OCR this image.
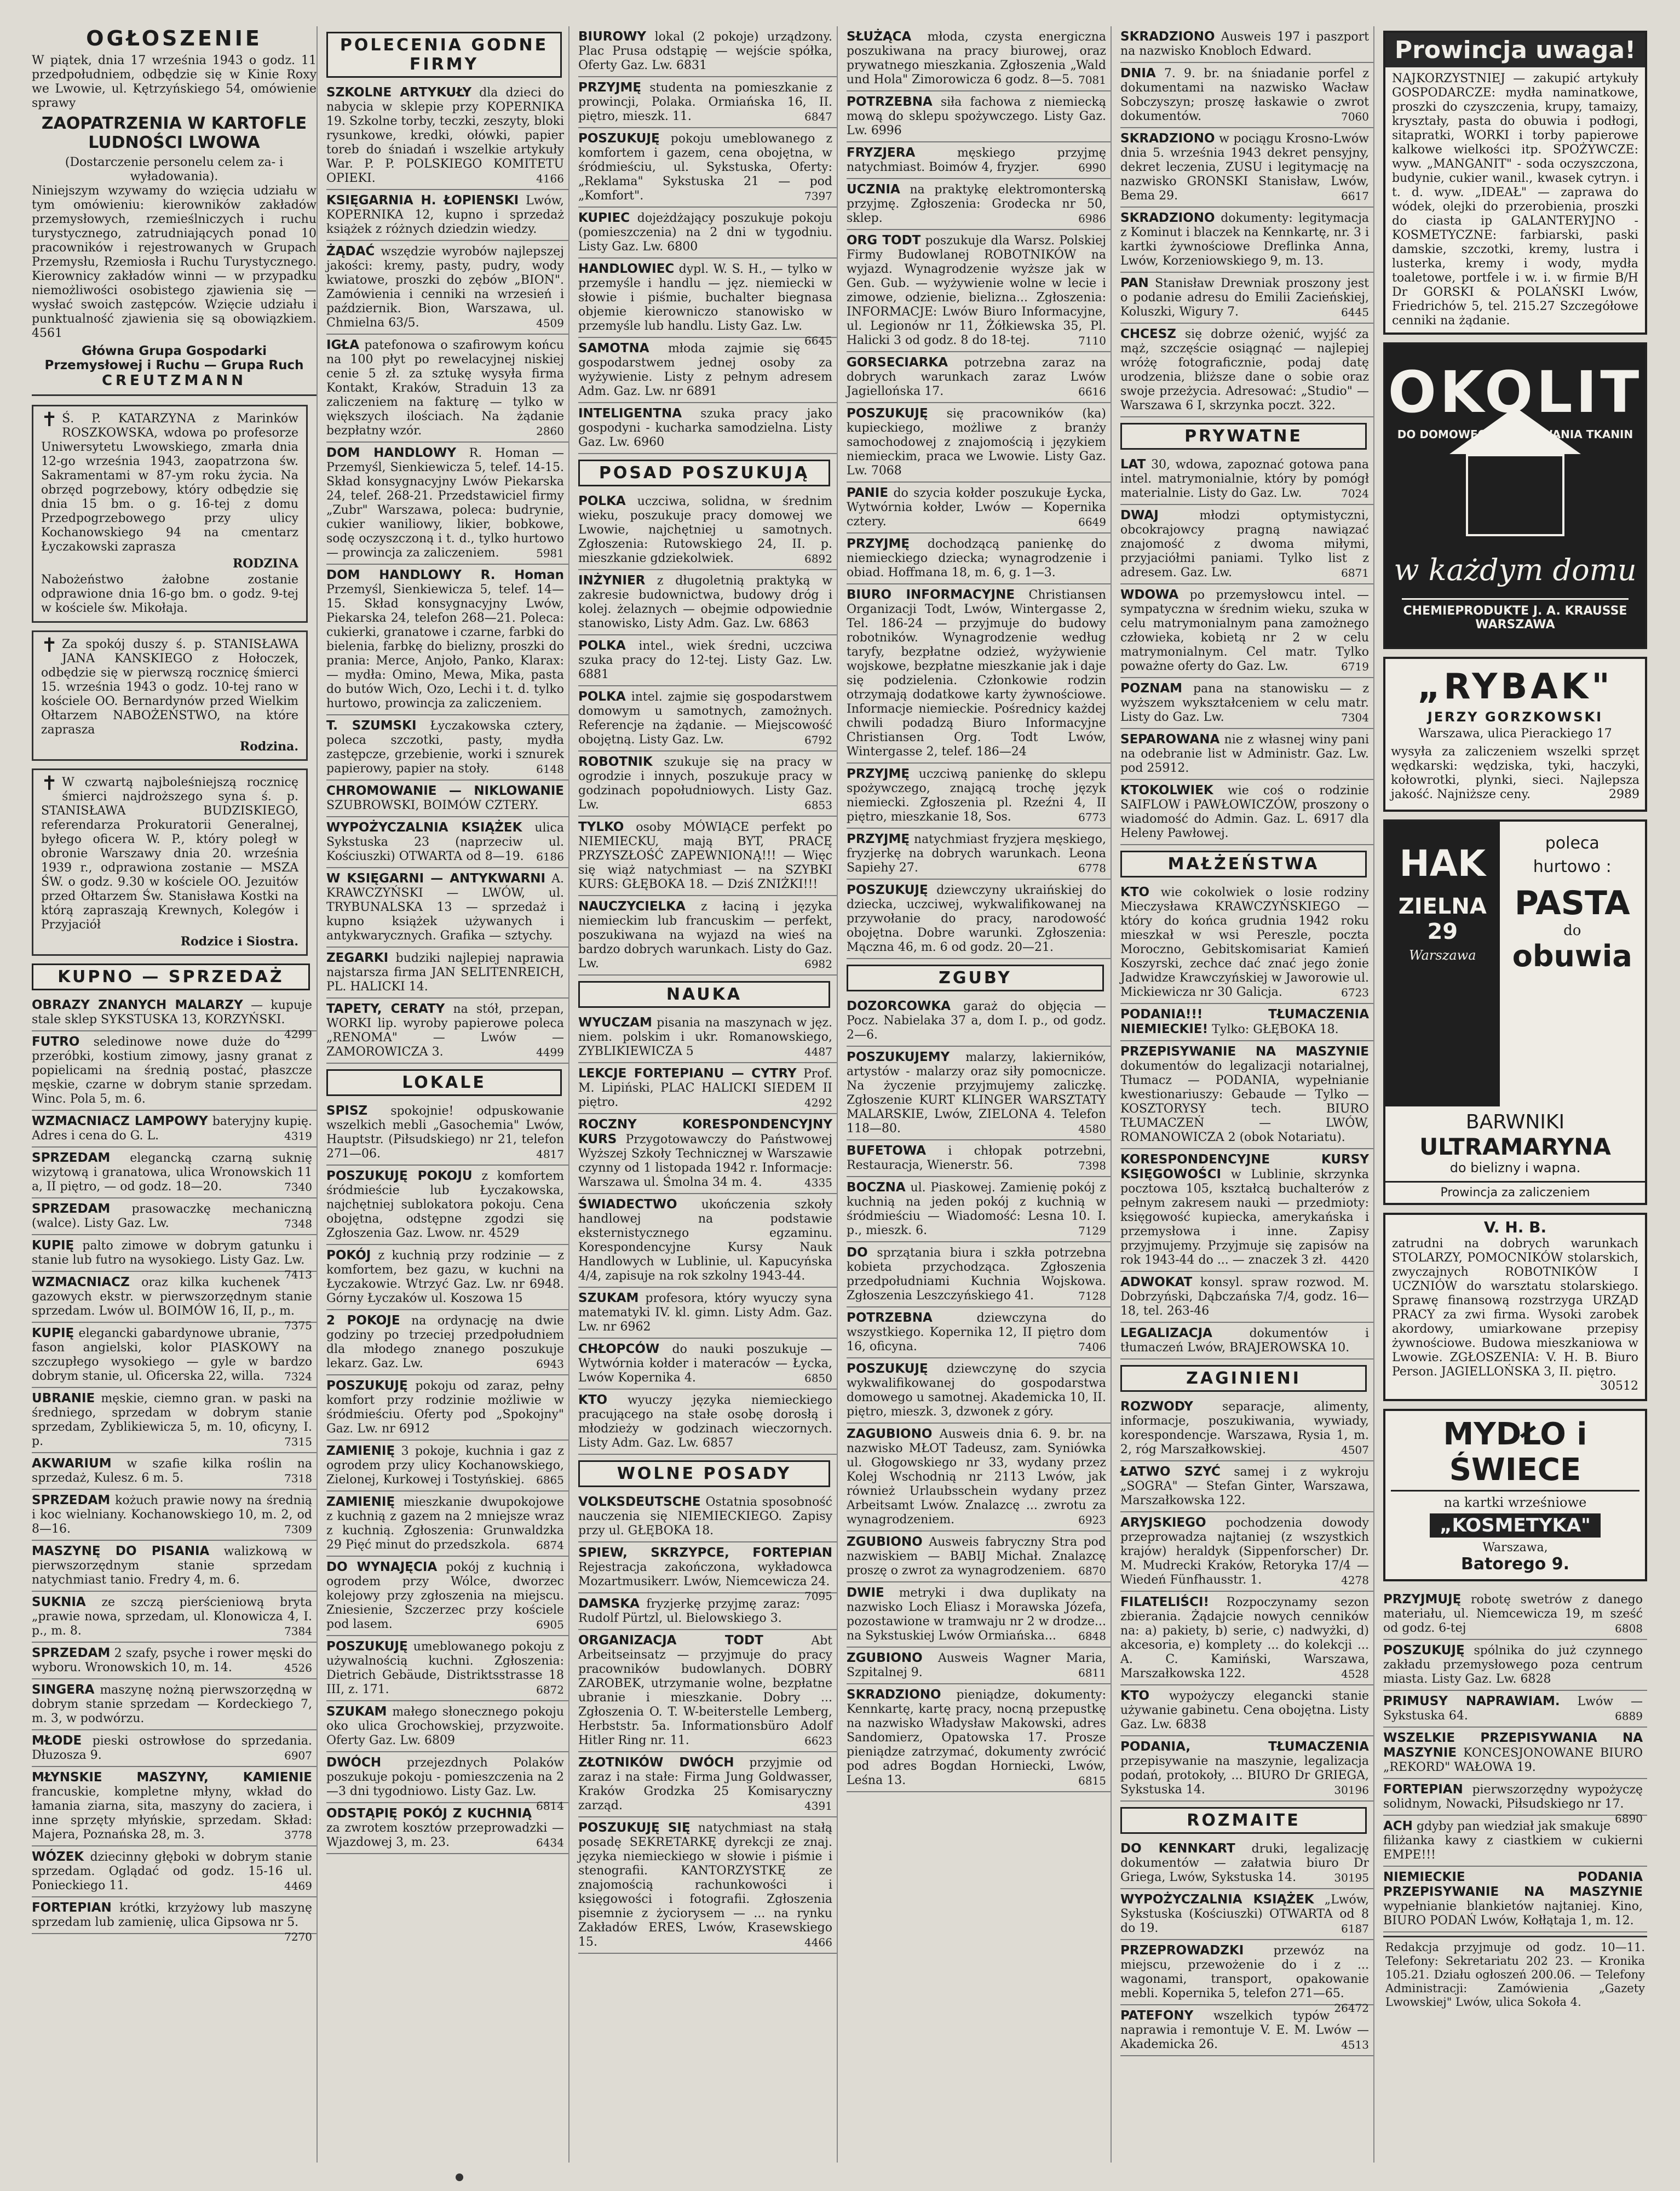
OGŁOSZENIE
W piątek, dnia 17 września 1943 o godz. 11 przedpołudniem, odbędzie się w Kinie Roxy we Lwowie, ul. Kętrzyńskiego 54, omówienie sprawy
ZAOPATRZENIA W KARTOFLE LUDNOŚCI LWOWA
(Dostarczenie personelu celem za- i wyładowania).
Niniejszym wzywamy do wzięcia udziału w tym omówieniu: kierowników zakładów przemysłowych, rzemieślniczych i ruchu turystycznego, zatrudniających ponad 10 pracowników i rejestrowanych w Grupach Przemysłu, Rzemiosła i Ruchu Turystycznego. Kierownicy zakładów winni — w przypadku niemożliwości osobistego zjawienia się — wysłać swoich zastępców. Wzięcie udziału i punktualność zjawienia się są obowiązkiem. 4561
Główna Grupa Gospodarki Przemysłowej i Ruchu — Grupa Ruch
CREUTZMANN
✝ Ś. P. KATARZYNA z Marinków ROSZKOWSKA, wdowa po profesorze Uniwersytetu Lwowskiego, zmarła dnia 12-go września 1943, zaopatrzona św. Sakramentami w 87-ym roku życia. Na obrzęd pogrzebowy, który odbędzie się dnia 15 bm. o g. 16-tej z domu Przedpogrzebowego przy ulicy Kochanowskiego 94 na cmentarz Łyczakowski zaprasza
RODZINA
Nabożeństwo żałobne zostanie odprawione dnia 16-go bm. o godz. 9-tej w kościele św. Mikołaja.
✝ Za spokój duszy ś. p. STANISŁAWA JANA KANSKIEGO z Hołoczek, odbędzie się w pierwszą rocznicę śmierci 15. września 1943 o godz. 10-tej rano w kościele OO. Bernardynów przed Wielkim Ołtarzem NABOŻEŃSTWO, na które zaprasza
Rodzina.
✝ W czwartą najboleśniejszą rocznicę śmierci najdroższego syna ś. p. STANISŁAWA BUDZISKIEGO, referendarza Prokuratorii Generalnej, byłego oficera W. P., który poległ w obronie Warszawy dnia 20. września 1939 r., odprawiona zostanie — MSZA ŚW. o godz. 9.30 w kościele OO. Jezuitów przed Ołtarzem Św. Stanisława Kostki na którą zapraszają Krewnych, Kolegów i Przyjaciół
Rodzice i Siostra.
KUPNO — SPRZEDAŻ
OBRAZY ZNANYCH MALARZY — kupuje stale sklep SYKSTUSKA 13, KORZYŃSKI.
4299
FUTRO seledinowe nowe duże do przeróbki, kostium zimowy, jasny granat z popielicami na średnią postać, płaszcze męskie, czarne w dobrym stanie sprzedam. Winc. Pola 5, m. 6.
WZMACNIACZ LAMPOWY bateryjny kupię. Adres i cena do G. L.	4319
SPRZEDAM elegancką czarną suknię wizytową i granatowa, ulica Wronowskich 11 a, II piętro, — od godz. 18—20.	7340
SPRZEDAM prasowaczkę mechaniczną (walce). Listy Gaz. Lw.	7348
KUPIĘ palto zimowe w dobrym gatunku i stanie lub futro na wysokiego. Listy Gaz. Lw.
7413
WZMACNIACZ oraz kilka kuchenek gazowych ekstr. w pierwszorzędnym stanie sprzedam. Lwów ul. BOIMÓW 16, II, p., m.
7375
KUPIĘ elegancki gabardynowe ubranie, fason angielski, kolor PIASKOWY na szczupłego wysokiego — gyle w bardzo dobrym stanie, ul. Oficerska 22, willa. 7324
UBRANIE męskie, ciemno gran. w paski na średniego, sprzedam w dobrym stanie sprzedam, Zyblikiewicza 5, m. 10, oficyny, I. p.	7315
AKWARIUM w szafie kilka roślin na sprzedaż, Kulesz. 6 m. 5.	7318
SPRZEDAM kożuch prawie nowy na średnią i koc wielniany. Kochanowskiego 10, m. 2, od 8—16.	7309
MASZYNĘ DO PISANIA walizkową w pierwszorzędnym stanie sprzedam natychmiast tanio. Fredry 4, m. 6.
SUKNIA ze szczą pierścieniową bryta „prawie nowa, sprzedam, ul. Klonowicza 4, I. p., m. 8.	7384
SPRZEDAM 2 szafy, psyche i rower męski do wyboru. Wronowskich 10, m. 14.	4526
SINGERA maszynę nożną pierwszorzędną w dobrym stanie sprzedam — Kordeckiego 7, m. 3, w podwórzu.
MŁODE pieski ostrowłose do sprzedania. Dłuzosza 9.	6907
MŁYNSKIE MASZYNY, KAMIENIE francuskie, kompletne młyny, wkład do łamania ziarna, sita, maszyny do zaciera, i inne sprzęty młyńskie, sprzedam. Skład: Majera, Poznańska 28, m. 3.	3778
WÓZEK dziecinny głęboki w dobrym stanie sprzedam. Oglądać od godz. 15-16 ul. Ponieckiego 11.	4469
FORTEPIAN krótki, krzyżowy lub maszynę sprzedam lub zamienię, ulica Gipsowa nr 5.
7270
POLECENIA GODNE FIRMY
SZKOLNE ARTYKUŁY dla dzieci do nabycia w sklepie przy KOPERNIKA 19. Szkolne torby, teczki, zeszyty, bloki rysunkowe, kredki, ołówki, papier toreb do śniadań i wszelkie artykuły War. P. P. POLSKIEGO KOMITETU OPIEKI.	4166
KSIĘGARNIA H. ŁOPIENSKI Lwów, KOPERNIKA 12, kupno i sprzedaż książek z różnych dziedzin wiedzy.
ŻĄDAĆ wszędzie wyrobów najlepszej jakości: kremy, pasty, pudry, wody kwiatowe, proszki do zębów „BION". Zamówienia i cenniki na wrzesień i październik. Bion, Warszawa, ul. Chmielna 63/5.	4509
IGŁA patefonowa o szafirowym końcu na 100 płyt po rewelacyjnej niskiej cenie 5 zł. za sztukę wysyła firma Kontakt, Kraków, Straduin 13 za zaliczeniem na fakturę — tylko w większych ilościach. Na żądanie bezpłatny wzór.	2860
DOM HANDLOWY R. Homan — Przemyśl, Sienkiewicza 5, telef. 14-15. Skład konsygnacyjny Lwów Piekarska 24, telef. 268-21. Przedstawiciel firmy „Zubr" Warszawa, poleca: budrynie, cukier waniliowy, likier, bobkowe, sodę oczyszczoną i t. d., tylko hurtowo — prowincja za zaliczeniem.	5981
DOM HANDLOWY R. Homan Przemyśl, Sienkiewicza 5, telef. 14—15. Skład konsygnacyjny Lwów, Piekarska 24, telefon 268—21. Poleca: cukierki, granatowe i czarne, farbki do bielenia, farbkę do bielizny, proszki do prania: Merce, Anjoło, Panko, Klarax: — mydła: Omino, Mewa, Mika, pasta do butów Wich, Ozo, Lechi i t. d. tylko hurtowo, prowincja za zaliczeniem.
T. SZUMSKI Łyczakowska cztery, poleca szczotki, pasty, mydła zastępcze, grzebienie, worki i sznurek papierowy, papier na stoły.	6148
CHROMOWANIE — NIKLOWANIE SZUBROWSKI, BOIMÓW CZTERY.
WYPOŻYCZALNIA KSIĄŻEK ulica Sykstuska 23 (naprzeciw ul. Kościuszki) OTWARTA od 8—19. 6186
W KSIĘGARNI — ANTYKWARNI A. KRAWCZYŃSKI — LWÓW, ul. TRYBUNALSKA 13 — sprzedaż i kupno książek używanych i antykwarycznych. Grafika — sztychy.
ZEGARKI budziki najlepiej naprawia najstarsza firma JAN SELITENREICH, PL. HALICKI 14.
TAPETY, CERATY na stół, przepan, WORKI lip. wyroby papierowe poleca „RENOMA" — Lwów — ZAMOROWICZA 3.	4499
LOKALE
SPISZ spokojnie! odpuskowanie wszelkich mebli „Gasochemia" Lwów, Hauptstr. (Piłsudskiego) nr 21, telefon 271—06.	4817
POSZUKUJĘ POKOJU z komfortem śródmieście lub Łyczakowska, najchętniej sublokatora pokoju. Cena obojętna, odstępne zgodzi się Zgłoszenia Gaz. Lwow. nr. 4529
POKÓJ z kuchnią przy rodzinie — z komfortem, bez gazu, w kuchni na Łyczakowie. Wtrzyć Gaz. Lw. nr 6948. Górny Łyczaków ul. Koszowa 15
2 POKOJE na ordynację na dwie godziny po trzeciej przedpołudniem dla młodego znanego poszukuje lekarz. Gaz. Lw.	6943
POSZUKUJĘ pokoju od zaraz, pełny komfort przy rodzinie możliwie w śródmieściu. Oferty pod „Spokojny" Gaz. Lw. nr 6912
ZAMIENIĘ 3 pokoje, kuchnia i gaz z ogrodem przy ulicy Kochanowskiego, Zielonej, Kurkowej i Tostyńskiej. 6865
ZAMIENIĘ mieszkanie dwupokojowe z kuchnią z gazem na 2 mniejsze wraz z kuchnią. Zgłoszenia: Grunwaldzka 29 Pięć minut do przedszkola. 6874
DO WYNAJĘCIA pokój z kuchnią i ogrodem przy Wólce, dworzec kolejowy przy zgłoszenia na miejscu. Zniesienie, Szczerzec przy kościele pod lasem.	6905
POSZUKUJĘ umeblowanego pokoju z używalnością kuchni. Zgłoszenia: Dietrich Gebäude, Distriktsstrasse 18 III, z. 171.	6872
SZUKAM małego słonecznego pokoju oko ulica Grochowskiej, przyzwoite. Oferty Gaz. Lw. 6809
DWÓCH przejezdnych Polaków poszukuje pokoju - pomieszczenia na 2—3 dni tygodniowo. Listy Gaz. Lw.
6814
ODSTĄPIĘ POKÓJ Z KUCHNIĄ za zwrotem kosztów przeprowadzki — Wjazdowej 3, m. 23.	6434
BIUROWY lokal (2 pokoje) urządzony. Plac Prusa odstąpię — wejście spółka, Oferty Gaz. Lw. 6831
PRZYJMĘ studenta na pomieszkanie z prowincji, Polaka. Ormiańska 16, II. piętro, mieszk. 11.	6847
POSZUKUJĘ pokoju umeblowanego z komfortem i gazem, cena obojętna, w śródmieściu, ul. Sykstuska, Oferty: „Reklama" Sykstuska 21 — pod „Komfort".	7397
KUPIEC dojeżdżający poszukuje pokoju (pomieszczenia) na 2 dni w tygodniu. Listy Gaz. Lw. 6800
HANDLOWIEC dypl. W. S. H., — tylko w przemyśle i handlu — jęz. niemiecki w słowie i piśmie, buchalter biegnasa objemie kierowniczo stanowisko w przemyśle lub handlu. Listy Gaz. Lw.
6645
SAMOTNA młoda zajmie się gospodarstwem jednej osoby za wyżywienie. Listy z pełnym adresem Adm. Gaz. Lw. nr 6891
INTELIGENTNA szuka pracy jako gospodyni - kucharka samodzielna. Listy Gaz. Lw. 6960
POSAD POSZUKUJĄ
POLKA uczciwa, solidna, w średnim wieku, poszukuje pracy domowej we Lwowie, najchętniej u samotnych. Zgłoszenia: Rutowskiego 24, II. p. mieszkanie gdziekolwiek.	6892
INŻYNIER z długoletnią praktyką w zakresie budownictwa, budowy dróg i kolej. żelaznych — obejmie odpowiednie stanowisko, Listy Adm. Gaz. Lw. 6863
POLKA intel., wiek średni, uczciwa szuka pracy do 12-tej. Listy Gaz. Lw. 6881
POLKA intel. zajmie się gospodarstwem domowym u samotnych, zamożnych. Referencje na żądanie. — Miejscowość obojętną. Listy Gaz. Lw.	6792
ROBOTNIK szukuje się na pracy w ogrodzie i innych, poszukuje pracy w godzinach popołudniowych. Listy Gaz. Lw.	6853
TYLKO osoby MÓWIĄCE perfekt po NIEMIECKU, mają BYT, PRACĘ PRZYSZŁOŚĆ ZAPEWNIONĄ!!! — Więc się wiąż natychmiast — na SZYBKI KURS: GŁĘBOKA 18. — Dziś ZNIŻKI!!!
NAUCZYCIELKA z łaciną i języka niemieckim lub francuskim — perfekt, poszukiwana na wyjazd na wieś na bardzo dobrych warunkach. Listy do Gaz. Lw.	6982
NAUKA
WYUCZAM pisania na maszynach w jęz. niem. polskim i ukr. Romanowskiego, ZYBLIKIEWICZA 5	4487
LEKCJE FORTEPIANU — CYTRY Prof. M. Lipiński, PLAC HALICKI SIEDEM II piętro.	4292
ROCZNY KORESPONDENCYJNY KURS Przygotowawczy do Państwowej Wyższej Szkoły Technicznej w Warszawie czynny od 1 listopada 1942 r. Informacje: Warszawa ul. Śmolna 34 m. 4.	4335
ŚWIADECTWO ukończenia szkoły handlowej na podstawie eksternistycznego egzaminu. Korespondencyjne Kursy Nauk Handlowych w Lublinie, ul. Kapucyńska 4/4, zapisuje na rok szkolny 1943-44.
SZUKAM profesora, który wyuczy syna matematyki IV. kl. gimn. Listy Adm. Gaz. Lw. nr 6962
CHŁOPCÓW do nauki poszukuje — Wytwórnia kołder i materaców — Łycka, Lwów Kopernika 4.	6850
KTO wyuczy języka niemieckiego pracującego na stałe osobę dorosłą i młodzieży w godzinach wieczornych. Listy Adm. Gaz. Lw. 6857
WOLNE POSADY
VOLKSDEUTSCHE Ostatnia sposobność nauczenia się NIEMIECKIEGO. Zapisy przy ul. GŁĘBOKA 18.
SPIEW, SKRZYPCE, FORTEPIAN Rejestracja zakończona, wykładowca Mozartmusikerr. Lwów, Niemcewicza 24.
7095
DAMSKA fryzjerkę przyjmę zaraz: Rudolf Pürtzl, ul. Bielowskiego 3.
ORGANIZACJA TODT	Abt Arbeitseinsatz — przyjmuje do pracy pracowników budowlanych. DOBRY ZAROBEK, utrzymanie wolne, bezpłatne ubranie i mieszkanie. Dobry ... Zgłoszenia O. T. W-beiterstelle Lemberg, Herbststr. 5a. Informationsbüro Adolf Hitler Ring nr. 11.	6623
ZŁOTNIKÓW DWÓCH przyjmie od zaraz i na stałe: Firma Jung Goldwasser, Kraków Grodzka 25 Komisaryczny zarząd.	4391
POSZUKUJĘ SIĘ natychmiast na stałą posadę SEKRETARKĘ dyrekcji ze znaj. języka niemieckiego w słowie i piśmie i stenografii. KANTORZYSTKĘ ze znajomością rachunkowości i księgowości i fotografii. Zgłoszenia pisemnie z życiorysem — ... na rynku Zakładów ERES, Lwów, Krasewskiego 15.	4466
SŁUŻĄCA młoda, czysta energiczna poszukiwana na pracy biurowej, oraz prywatnego mieszkania. Zgłoszenia „Wald und Hola" Zimorowicza 6 godz. 8—5. 7081
POTRZEBNA siła fachowa z niemiecką mową do sklepu spożywczego. Listy Gaz. Lw. 6996
FRYZJERA	męskiego przyjmę natychmiast. Boimów 4, fryzjer.	6990
UCZNIA na praktykę elektromonterską przyjmę. Zgłoszenia: Grodecka nr 50, sklep.	6986
ORG TODT poszukuje dla Warsz. Polskiej Firmy Budowlanej ROBOTNIKÓW na wyjazd. Wynagrodzenie wyższe jak w Gen. Gub. — wyżywienie wolne w lecie i zimowe, odzienie, bielizna... Zgłoszenia: INFORMACJE: Lwów Biuro Informacyjne, ul. Legionów nr 11, Żółkiewska 35, Pl. Halicki 3 od godz. 8 do 18-tej.	7110
GORSECIARKA potrzebna zaraz na dobrych warunkach zaraz Lwów Jagiellońska 17.	6616
POSZUKUJĘ się pracowników (ka) kupieckiego, możliwe z branży samochodowej z znajomością i językiem niemieckim, praca we Lwowie. Listy Gaz. Lw. 7068
PANIE do szycia kołder poszukuje Łycka, Wytwórnia kołder, Lwów — Kopernika cztery.	6649
PRZYJMĘ dochodzącą panienkę do niemieckiego dziecka; wynagrodzenie i obiad. Hoffmana 18, m. 6, g. 1—3.
BIURO INFORMACYJNE Christiansen Organizacji Todt, Lwów, Wintergasse 2, Tel. 186-24 — przyjmuje do budowy robotników. Wynagrodzenie według taryfy, bezpłatne odzież, wyżywienie wojskowe, bezpłatne mieszkanie jak i daje się podzielenia. Członkowie rodzin otrzymają dodatkowe karty żywnościowe. Informacje niemieckie. Pośrednicy każdej chwili podadzą Biuro Informacyjne Christiansen Org. Todt Lwów, Wintergasse 2, telef. 186—24
PRZYJMĘ uczciwą panienkę do sklepu spożywczego, znającą trochę język niemiecki. Zgłoszenia pl. Rzeźni 4, II piętro, mieszkanie 18, Sos.	6773
PRZYJMĘ natychmiast fryzjera męskiego, fryzjerkę na dobrych warunkach. Leona Sapiehy 27.	6778
POSZUKUJĘ dziewczyny ukraińskiej do dziecka, uczciwej, wykwalifikowanej na przywołanie do pracy, narodowość obojętna. Dobre warunki. Zgłoszenia: Mączna 46, m. 6 od godz. 20—21.
ZGUBY
DOZORCOWKA garaż do objęcia — Pocz. Nabielaka 37 a, dom I. p., od godz. 2—6.
POSZUKUJEMY malarzy, lakierników, artystów - malarzy oraz siły pomocnicze. Na życzenie przyjmujemy zaliczkę. Zgłoszenie KURT KLINGER WARSZTATY MALARSKIE, Lwów, ZIELONA 4. Telefon 118—80.	4580
BUFETOWA i chłopak potrzebni, Restauracja, Wienerstr. 56.	7398
BOCZNA ul. Piaskowej. Zamienię pokój z kuchnią na jeden pokój z kuchnią w śródmieściu — Wiadomość: Lesna 10. I. p., mieszk. 6.	7129
DO sprzątania biura i szkła potrzebna kobieta przychodząca. Zgłoszenia przedpołudniami Kuchnia Wojskowa. Zgłoszenia Leszczyńskiego 41.	7128
POTRZEBNA	dziewczyna do wszystkiego. Kopernika 12, II piętro dom 16, oficyna.	7406
POSZUKUJĘ dziewczynę do szycia wykwalifikowanej do gospodarstwa domowego u samotnej. Akademicka 10, II. piętro, mieszk. 3, dzwonek z góry.
ZAGUBIONO Ausweis dnia 6. 9. br. na nazwisko MŁOT Tadeusz, zam. Syniówka ul. Głogowskiego nr 33, wydany przez Kolej Wschodnią nr 2113 Lwów, jak również Urlaubsschein wydany przez Arbeitsamt Lwów. Znalazcę ... zwrotu za wynagrodzeniem.	6923
ZGUBIONO Ausweis fabryczny Stra pod nazwiskiem — BABIJ Michał. Znalazcę proszę o zwrot za wynagrodzeniem. 6870
DWIE metryki i dwa duplikaty na nazwisko Loch Eliasz i Morawska Józefa, pozostawione w tramwaju nr 2 w drodze... na Sykstuskiej Lwów Ormiańska... 6848
ZGUBIONO Ausweis Wagner Maria, Szpitalnej 9.	6811
SKRADZIONO pieniądze, dokumenty: Kennkartę, kartę pracy, nocną przepustkę na nazwisko Władysław Makowski, adres Sandomierz, Opatowska 17. Prosze pieniądze zatrzymać, dokumenty zwrócić pod adres Bogdan Horniecki, Lwów, Leśna 13.	6815
SKRADZIONO Ausweis 197 i paszport na nazwisko Knobloch Edward.
DNIA 7. 9. br. na śniadanie porfel z dokumentami na nazwisko Wacław Sobczyszyn; proszę łaskawie o zwrot dokumentów.	7060
SKRADZIONO w pociągu Krosno-Lwów dnia 5. września 1943 dekret pensyjny, dekret leczenia, ZUSU i legitymację na nazwisko GRONSKI Stanisław, Lwów, Bema 29.	6617
SKRADZIONO dokumenty: legitymacja z Kominut i blaczek na Kennkartę, nr. 3 i kartki żywnościowe Dreflinka Anna, Lwów, Korzeniowskiego 9, m. 13.
PAN Stanisław Drewniak proszony jest o podanie adresu do Emilii Zacieńskiej, Koluszki, Wigury 7.	6445
CHCESZ się dobrze ożenić, wyjść za mąż, szczęście osiągnąć — najlepiej wróżę fotograficznie, podaj datę urodzenia, bliższe dane o sobie oraz swoje przeżycia. Adresować: „Studio" — Warszawa 6 I, skrzynka poczt. 322.
PRYWATNE
LAT 30, wdowa, zapoznać gotowa pana intel. matrymonialnie, który by pomógł materialnie. Listy do Gaz. Lw.	7024
DWAJ	młodzi optymistyczni, obcokrajowcy pragną nawiązać znajomość z dwoma miłymi, przyjaciółmi paniami. Tylko list z adresem. Gaz. Lw.	6871
WDOWA po przemysłowcu intel. — sympatyczna w średnim wieku, szuka w celu matrymonialnym pana zamożnego człowieka, kobietą nr 2 w celu matrymonialnym. Cel matr. Tylko poważne oferty do Gaz. Lw.	6719
POZNAM pana na stanowisku — z wyższem wykształceniem w celu matr. Listy do Gaz. Lw.	7304
SEPAROWANA nie z własnej winy pani na odebranie list w Administr. Gaz. Lw. pod 25912.
KTOKOLWIEK wie coś o rodzinie SAIFLOW i PAWŁOWICZÓW, proszony o wiadomość do Admin. Gaz. L. 6917 dla Heleny Pawłowej.
MAŁŻEŃSTWA
KTO wie cokolwiek o losie rodziny Mieczysława KRAWCZYŃSKIEGO — który do końca grudnia 1942 roku mieszkał w wsi Pereszle, poczta Moroczno, Gebitskomisariat Kamień Koszyrski, zechce dać znać jego żonie Jadwidze Krawczyńskiej w Jaworowie ul. Mickiewicza nr 30 Galicja.	6723
PODANIA!!! TŁUMACZENIA NIEMIECKIE! Tylko: GŁĘBOKA 18.
PRZEPISYWANIE NA MASZYNIE dokumentów do legalizacji notarialnej, Tłumacz — PODANIA, wypełnianie kwestionariuszy: Gebaude — Tylko — KOSZTORYSY tech. BIURO TŁUMACZEŃ — LWÓW, ROMANOWICZA 2 (obok Notariatu).
KORESPONDENCYJNE KURSY KSIĘGOWOŚCI w Lublinie, skrzynka pocztowa 105, kształcą buchalterów z pełnym zakresem nauki — przedmioty: księgowość kupiecka, amerykańska i przemysłowa i inne. Zapisy przyjmujemy. Przyjmuje się zapisów na rok 1943-44 do ... — znaczek 3 zł. 4420
ADWOKAT konsyl. spraw rozwod. M. Dobrzyński, Dąbczańska 7/4, godz. 16—18, tel. 263-46
LEGALIZACJA	dokumentów i tłumaczeń Lwów, BRAJEROWSKA 10.
ZAGINIENI
ROZWODY separacje, alimenty, informacje, poszukiwania, wywiady, korespondencje. Warszawa, Rysia 1, m. 2, róg Marszałkowskiej.	4507
ŁATWO SZYĆ samej i z wykroju „SOGRA" — Stefan Ginter, Warszawa, Marszałkowska 122.
ARYJSKIEGO pochodzenia dowody przeprowadza najtaniej (z wszystkich krajów) heraldyk (Sippenforscher) Dr. M. Mudrecki Kraków, Retoryka 17/4 — Wiedeń Fünfhausstr. 1.	4278
FILATELIŚCI! Rozpoczynamy sezon zbierania. Żądajcie nowych cenników na: a) pakiety, b) serie, c) nadwyżki, d) akcesoria, e) komplety ... do kolekcji ... A. C. Kamiński, Warszawa, Marszałkowska 122.	4528
KTO wypożyczy elegancki stanie używanie gabinetu. Cena obojętna. Listy Gaz. Lw. 6838
PODANIA, TŁUMACZENIA przepisywanie na maszynie, legalizacja podań, protokoły, ... BIURO Dr GRIEGA, Sykstuska 14.	30196
ROZMAITE
DO KENNKART druki, legalizację dokumentów — załatwia biuro Dr Griega, Lwów, Sykstuska 14.	30195
WYPOŻYCZALNIA KSIĄŻEK „Lwów, Sykstuska (Kościuszki) OTWARTA od 8 do 19.	6187
PRZEPROWADZKI przewóz na miejscu, przewożenie do i z ... wagonami, transport, opakowanie mebli. Kopernika 5, telefon 271—65.
26472
PATEFONY wszelkich typów naprawia i remontuje V. E. M. Lwów — Akademicka 26.	4513
Prowincja uwaga!
NAJKORZYSTNIEJ — zakupić artykuły GOSPODARCZE: mydła naminatkowe, proszki do czyszczenia, krupy, tamaizy, kryształy, pasta do obuwia i podłogi, sitapratki, WORKI i torby papierowe kalkowe wielkości itp. SPOŻYWCZE: wyw. „MANGANIT" - soda oczyszczona, budynie, cukier wanil., kwasek cytryn. i t. d. wyw. „IDEAŁ" — zaprawa do wódek, olejki do przerobienia, proszki do ciasta ip GALANTERYJNO - KOSMETYCZNE: farbiarski, paski damskie, szczotki, kremy, lustra i lusterka, kremy i wody, mydła toaletowe, portfele i w. i. w firmie B/H Dr GORSKI & POLAŃSKI Lwów, Friedrichów 5, tel. 215.27 Szczegółowe cenniki na żądanie.
OKOLIT
DO DOMOWEGO FARBOWANIA TKANIN
w każdym domu
CHEMIEPRODUKTE J. A. KRAUSSE WARSZAWA
„RYBAK"
JERZY GORZKOWSKI
Warszawa, ulica Pierackiego 17
wysyła za zaliczeniem wszelki sprzęt wędkarski: wędziska, tyki, haczyki, kołowrotki, plynki, sieci. Najlepsza jakość. Najniższe ceny.	2989
HAK
ZIELNA 29
Warszawa
poleca
hurtowo :
PASTA
do
obuwia
BARWNIKI
ULTRAMARYNA
do bielizny i wapna.
Prowincja za zaliczeniem
V. H. B.
zatrudni na dobrych warunkach STOLARZY, POMOCNIKÓW stolarskich, zwyczajnych ROBOTNIKÓW I UCZNIÓW do warsztatu stolarskiego. Sprawę finansową rozstrzyga URZĄD PRACY za zwi firma. Wysoki zarobek akordowy, umiarkowane przepisy żywnościowe. Budowa mieszkaniowa w Lwowie. ZGŁOSZENIA: V. H. B. Biuro Person. JAGIELLOŃSKA 3, II. piętro.
30512
MYDŁO i ŚWIECE
na kartki wrześniowe
„KOSMETYKA"
Warszawa,
Batorego 9.
PRZYJMUJĘ robotę swetrów z danego materiału, ul. Niemcewicza 19, m sześć od godz. 6-tej	6808
POSZUKUJĘ spólnika do już czynnego zakładu przemysłowego poza centrum miasta. Listy Gaz. Lw. 6828
PRIMUSY NAPRAWIAM. Lwów — Sykstuska 64.	6889
WSZELKIE PRZEPISYWANIA NA MASZYNIE KONCESJONOWANE BIURO „REKORD" WAŁOWA 19.
FORTEPIAN pierwszorzędny wypożyczę solidnym, Nowacki, Piłsudskiego nr 17.
6890
ACH gdyby pan wiedział jak smakuje filiżanka kawy z ciastkiem w cukierni EMPE!!!
NIEMIECKIE PODANIA PRZEPISYWANIE NA MASZYNIE wypełnianie blankietów najtaniej. Kino, BIURO PODAŃ Lwów, Kołłątaja 1, m. 12.
Redakcja przyjmuje od godz. 10—11. Telefony: Sekretariatu 202 23. — Kronika 105.21. Działu ogłoszeń 200.06. — Telefony Administracji: Zamówienia „Gazety Lwowskiej" Lwów, ulica Sokoła 4.
